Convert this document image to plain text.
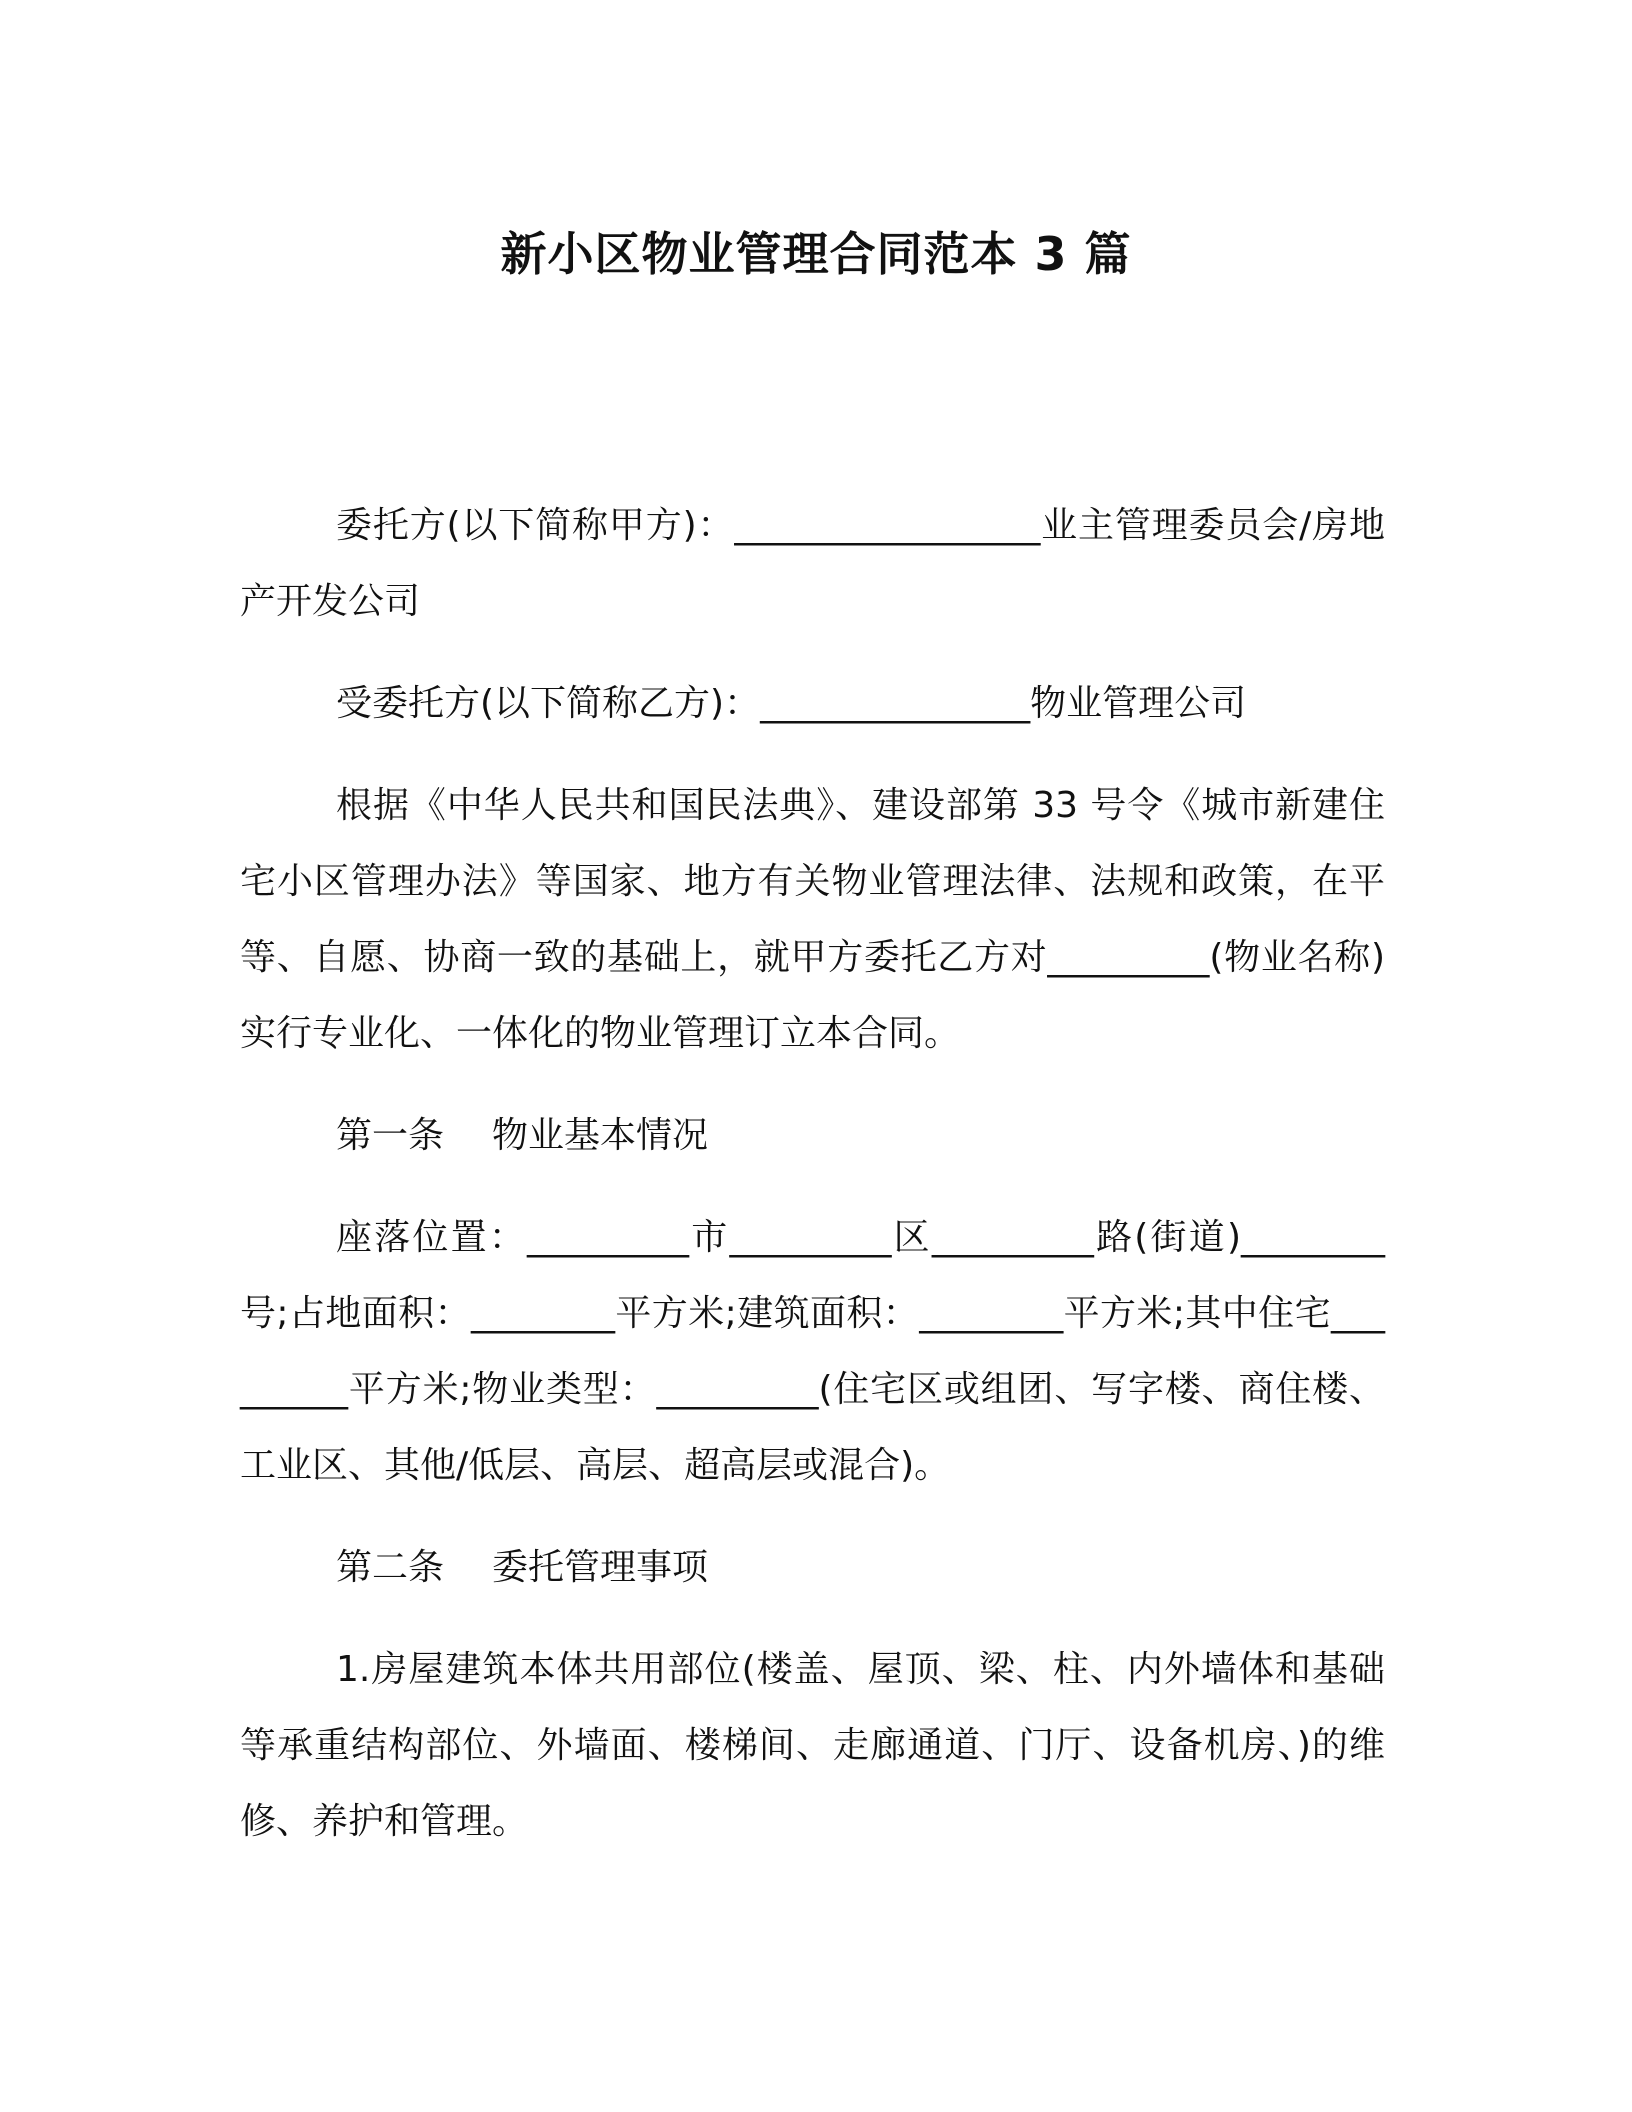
新小区物业管理合同范本 3 篇

委托方(以下简称甲方)：_________________业主管理委员会/房地产开发公司

受委托方(以下简称乙方)：_______________物业管理公司

根据《中华人民共和国民法典》、建设部第 33 号令《城市新建住宅小区管理办法》等国家、地方有关物业管理法律、法规和政策，在平等、自愿、协商一致的基础上，就甲方委托乙方对_________(物业名称)实行专业化、一体化的物业管理订立本合同。

第一条 物业基本情况

座落位置：_________市_________区_________路(街道)________号;占地面积：________平方米;建筑面积：________平方米;其中住宅_________平方米;物业类型：_________(住宅区或组团、写字楼、商住楼、工业区、其他/低层、高层、超高层或混合)。

第二条 委托管理事项

1.房屋建筑本体共用部位(楼盖、屋顶、梁、柱、内外墙体和基础等承重结构部位、外墙面、楼梯间、走廊通道、门厅、设备机房、)的维修、养护和管理。
